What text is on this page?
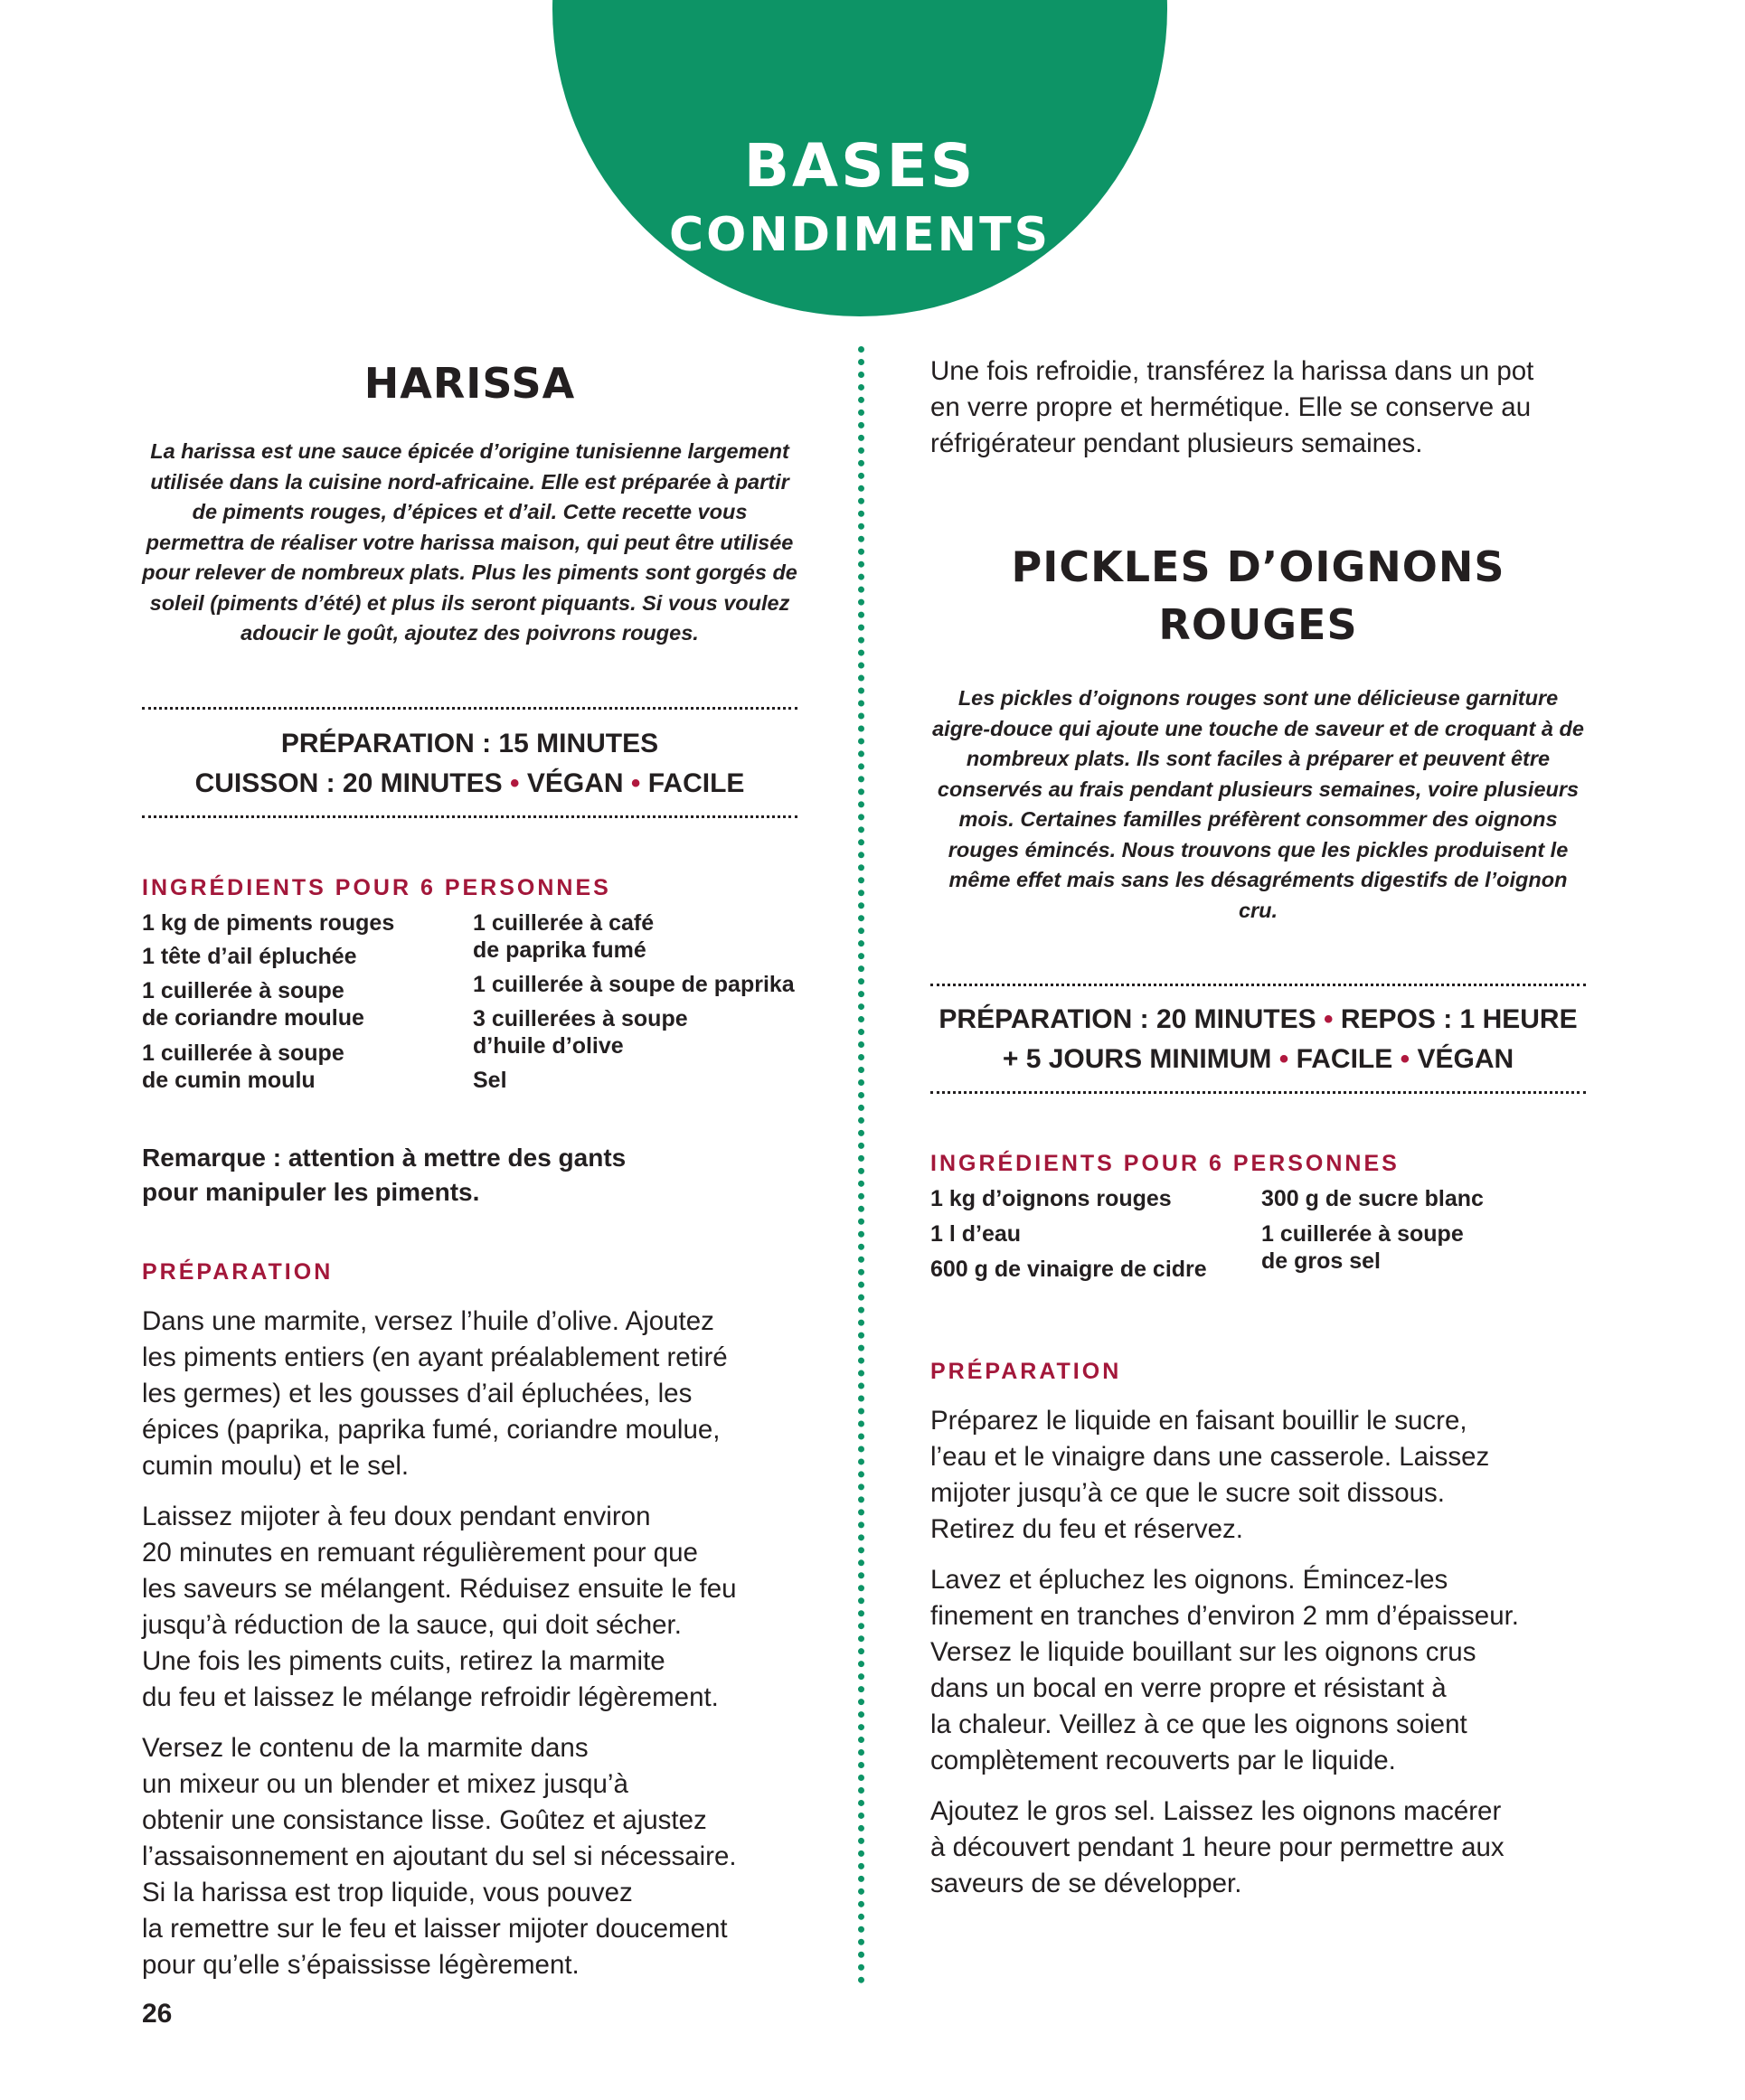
BASES
CONDIMENTS
HARISSA
La harissa est une sauce épicée d’origine tunisienne largement utilisée dans la cuisine nord-africaine. Elle est préparée à partir de piments rouges, d’épices et d’ail. Cette recette vous permettra de réaliser votre harissa maison, qui peut être utilisée pour relever de nombreux plats. Plus les piments sont gorgés de soleil (piments d’été) et plus ils seront piquants. Si vous voulez adoucir le goût, ajoutez des poivrons rouges.
PRÉPARATION : 15 MINUTES
CUISSON : 20 MINUTES • VÉGAN • FACILE
INGRÉDIENTS POUR 6 PERSONNES
1 kg de piments rouges
1 tête d’ail épluchée
1 cuillerée à soupe
de coriandre moulue
1 cuillerée à soupe
de cumin moulu
1 cuillerée à café
de paprika fumé
1 cuillerée à soupe de paprika
3 cuillerées à soupe
d’huile d’olive
Sel
Remarque : attention à mettre des gants
pour manipuler les piments.
PRÉPARATION

Dans une marmite, versez l’huile d’olive. Ajoutez
les piments entiers (en ayant préalablement retiré
les germes) et les gousses d’ail épluchées, les
épices (paprika, paprika fumé, coriandre moulue,
cumin moulu) et le sel.

Laissez mijoter à feu doux pendant environ
20 minutes en remuant régulièrement pour que
les saveurs se mélangent. Réduisez ensuite le feu
jusqu’à réduction de la sauce, qui doit sécher.
Une fois les piments cuits, retirez la marmite
du feu et laissez le mélange refroidir légèrement.

Versez le contenu de la marmite dans
un mixeur ou un blender et mixez jusqu’à
obtenir une consistance lisse. Goûtez et ajustez
l’assaisonnement en ajoutant du sel si nécessaire.
Si la harissa est trop liquide, vous pouvez
la remettre sur le feu et laisser mijoter doucement
pour qu’elle s’épaississe légèrement.

Une fois refroidie, transférez la harissa dans un pot
en verre propre et hermétique. Elle se conserve au
réfrigérateur pendant plusieurs semaines.

PICKLES D’OIGNONS
ROUGES
Les pickles d’oignons rouges sont une délicieuse garniture aigre-douce qui ajoute une touche de saveur et de croquant à de nombreux plats. Ils sont faciles à préparer et peuvent être conservés au frais pendant plusieurs semaines, voire plusieurs mois. Certaines familles préfèrent consommer des oignons rouges émincés. Nous trouvons que les pickles produisent le même effet mais sans les désagréments digestifs de l’oignon cru.
PRÉPARATION : 20 MINUTES • REPOS : 1 HEURE
+ 5 JOURS MINIMUM • FACILE • VÉGAN
INGRÉDIENTS POUR 6 PERSONNES
1 kg d’oignons rouges
1 l d’eau
600 g de vinaigre de cidre
300 g de sucre blanc
1 cuillerée à soupe
de gros sel
PRÉPARATION

Préparez le liquide en faisant bouillir le sucre,
l’eau et le vinaigre dans une casserole. Laissez
mijoter jusqu’à ce que le sucre soit dissous.
Retirez du feu et réservez.

Lavez et épluchez les oignons. Émincez-les
finement en tranches d’environ 2 mm d’épaisseur.
Versez le liquide bouillant sur les oignons crus
dans un bocal en verre propre et résistant à
la chaleur. Veillez à ce que les oignons soient
complètement recouverts par le liquide.

Ajoutez le gros sel. Laissez les oignons macérer
à découvert pendant 1 heure pour permettre aux
saveurs de se développer.

26
